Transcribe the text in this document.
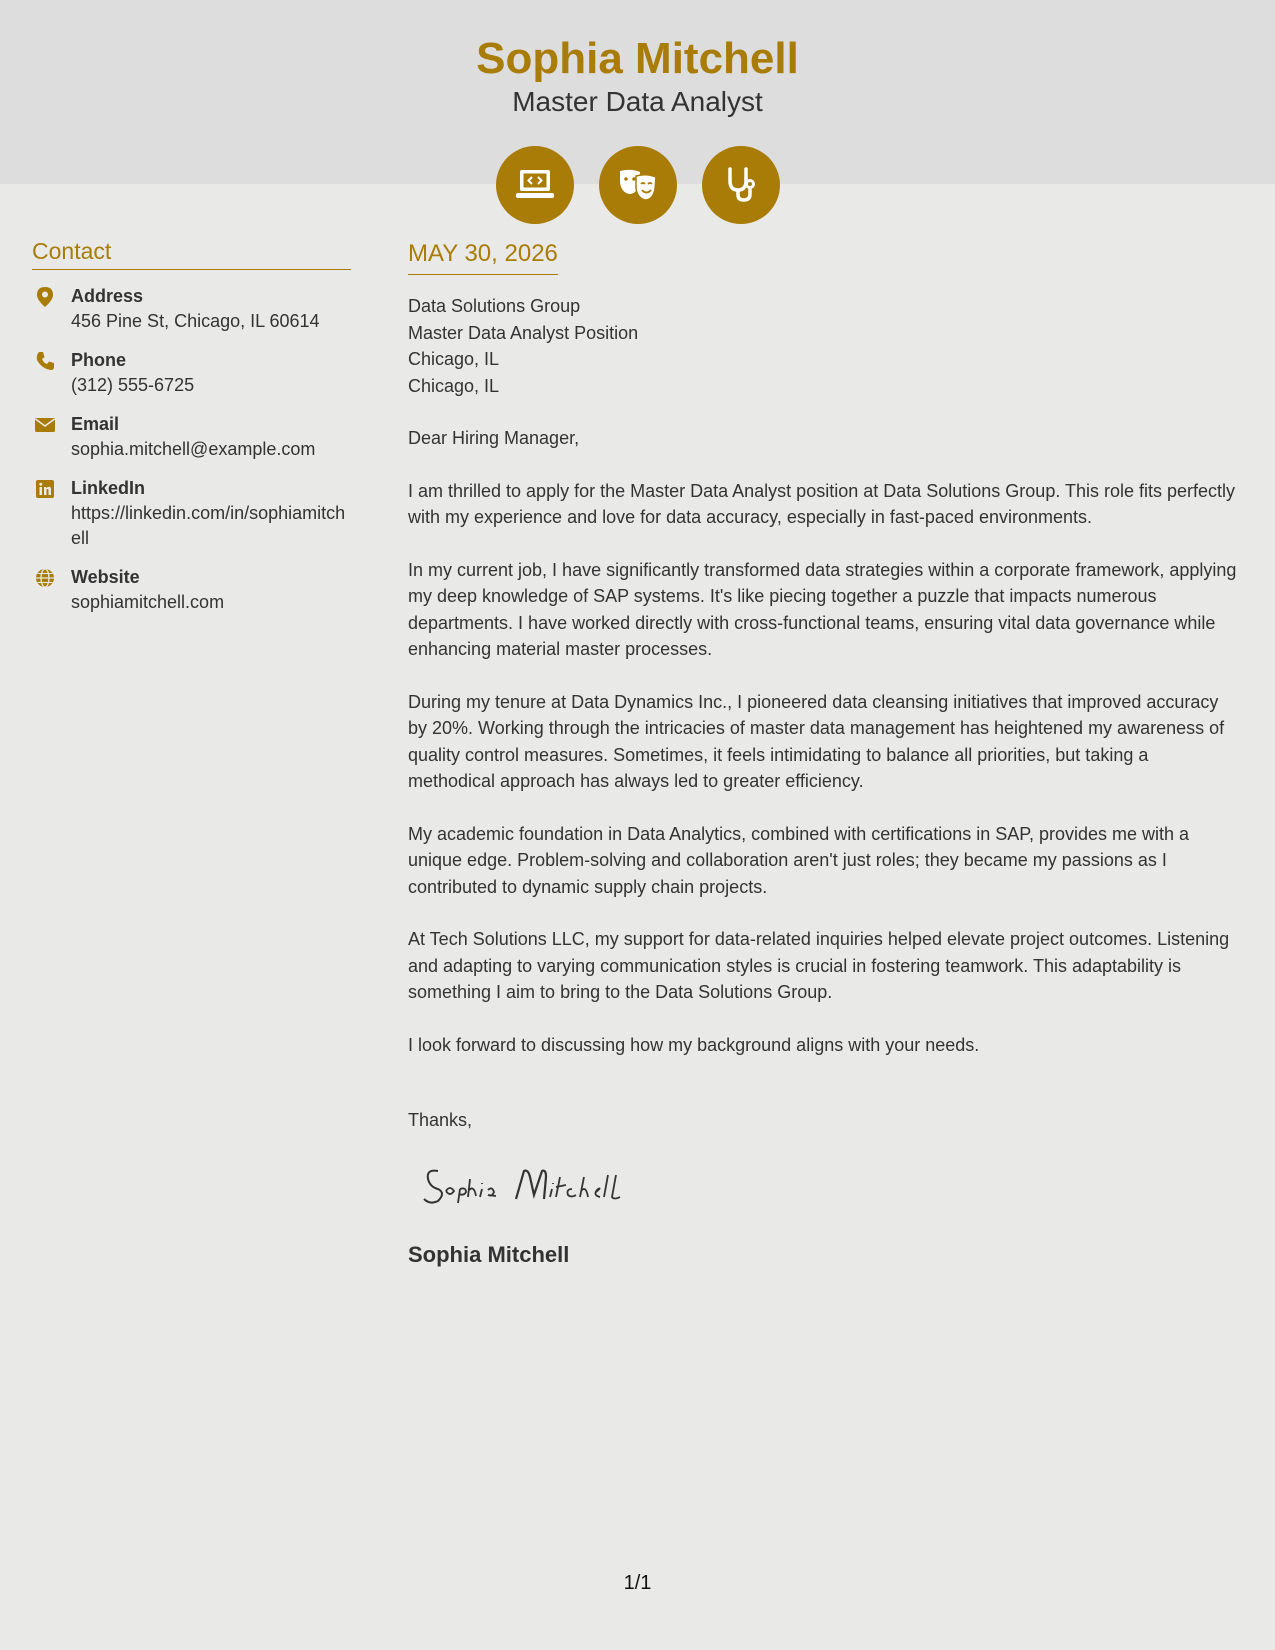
Sophia Mitchell
Master Data Analyst
Contact
Address
456 Pine St, Chicago, IL 60614
Phone
(312) 555-6725
Email
sophia.mitchell@example.com
LinkedIn
https://linkedin.com/in/sophiamitchell
Website
sophiamitchell.com
MAY 30, 2026
Data Solutions Group
Master Data Analyst Position
Chicago, IL
Chicago, IL
Dear Hiring Manager,

I am thrilled to apply for the Master Data Analyst position at Data Solutions Group. This role fits perfectly with my experience and love for data accuracy, especially in fast-paced environments.

In my current job, I have significantly transformed data strategies within a corporate framework, applying my deep knowledge of SAP systems. It's like piecing together a puzzle that impacts numerous departments. I have worked directly with cross-functional teams, ensuring vital data governance while enhancing material master processes.

During my tenure at Data Dynamics Inc., I pioneered data cleansing initiatives that improved accuracy by 20%. Working through the intricacies of master data management has heightened my awareness of quality control measures. Sometimes, it feels intimidating to balance all priorities, but taking a methodical approach has always led to greater efficiency.

My academic foundation in Data Analytics, combined with certifications in SAP, provides me with a unique edge. Problem-solving and collaboration aren't just roles; they became my passions as I contributed to dynamic supply chain projects.

At Tech Solutions LLC, my support for data-related inquiries helped elevate project outcomes. Listening and adapting to varying communication styles is crucial in fostering teamwork. This adaptability is something I aim to bring to the Data Solutions Group.

I look forward to discussing how my background aligns with your needs.

Thanks,
Sophia Mitchell
1/1
